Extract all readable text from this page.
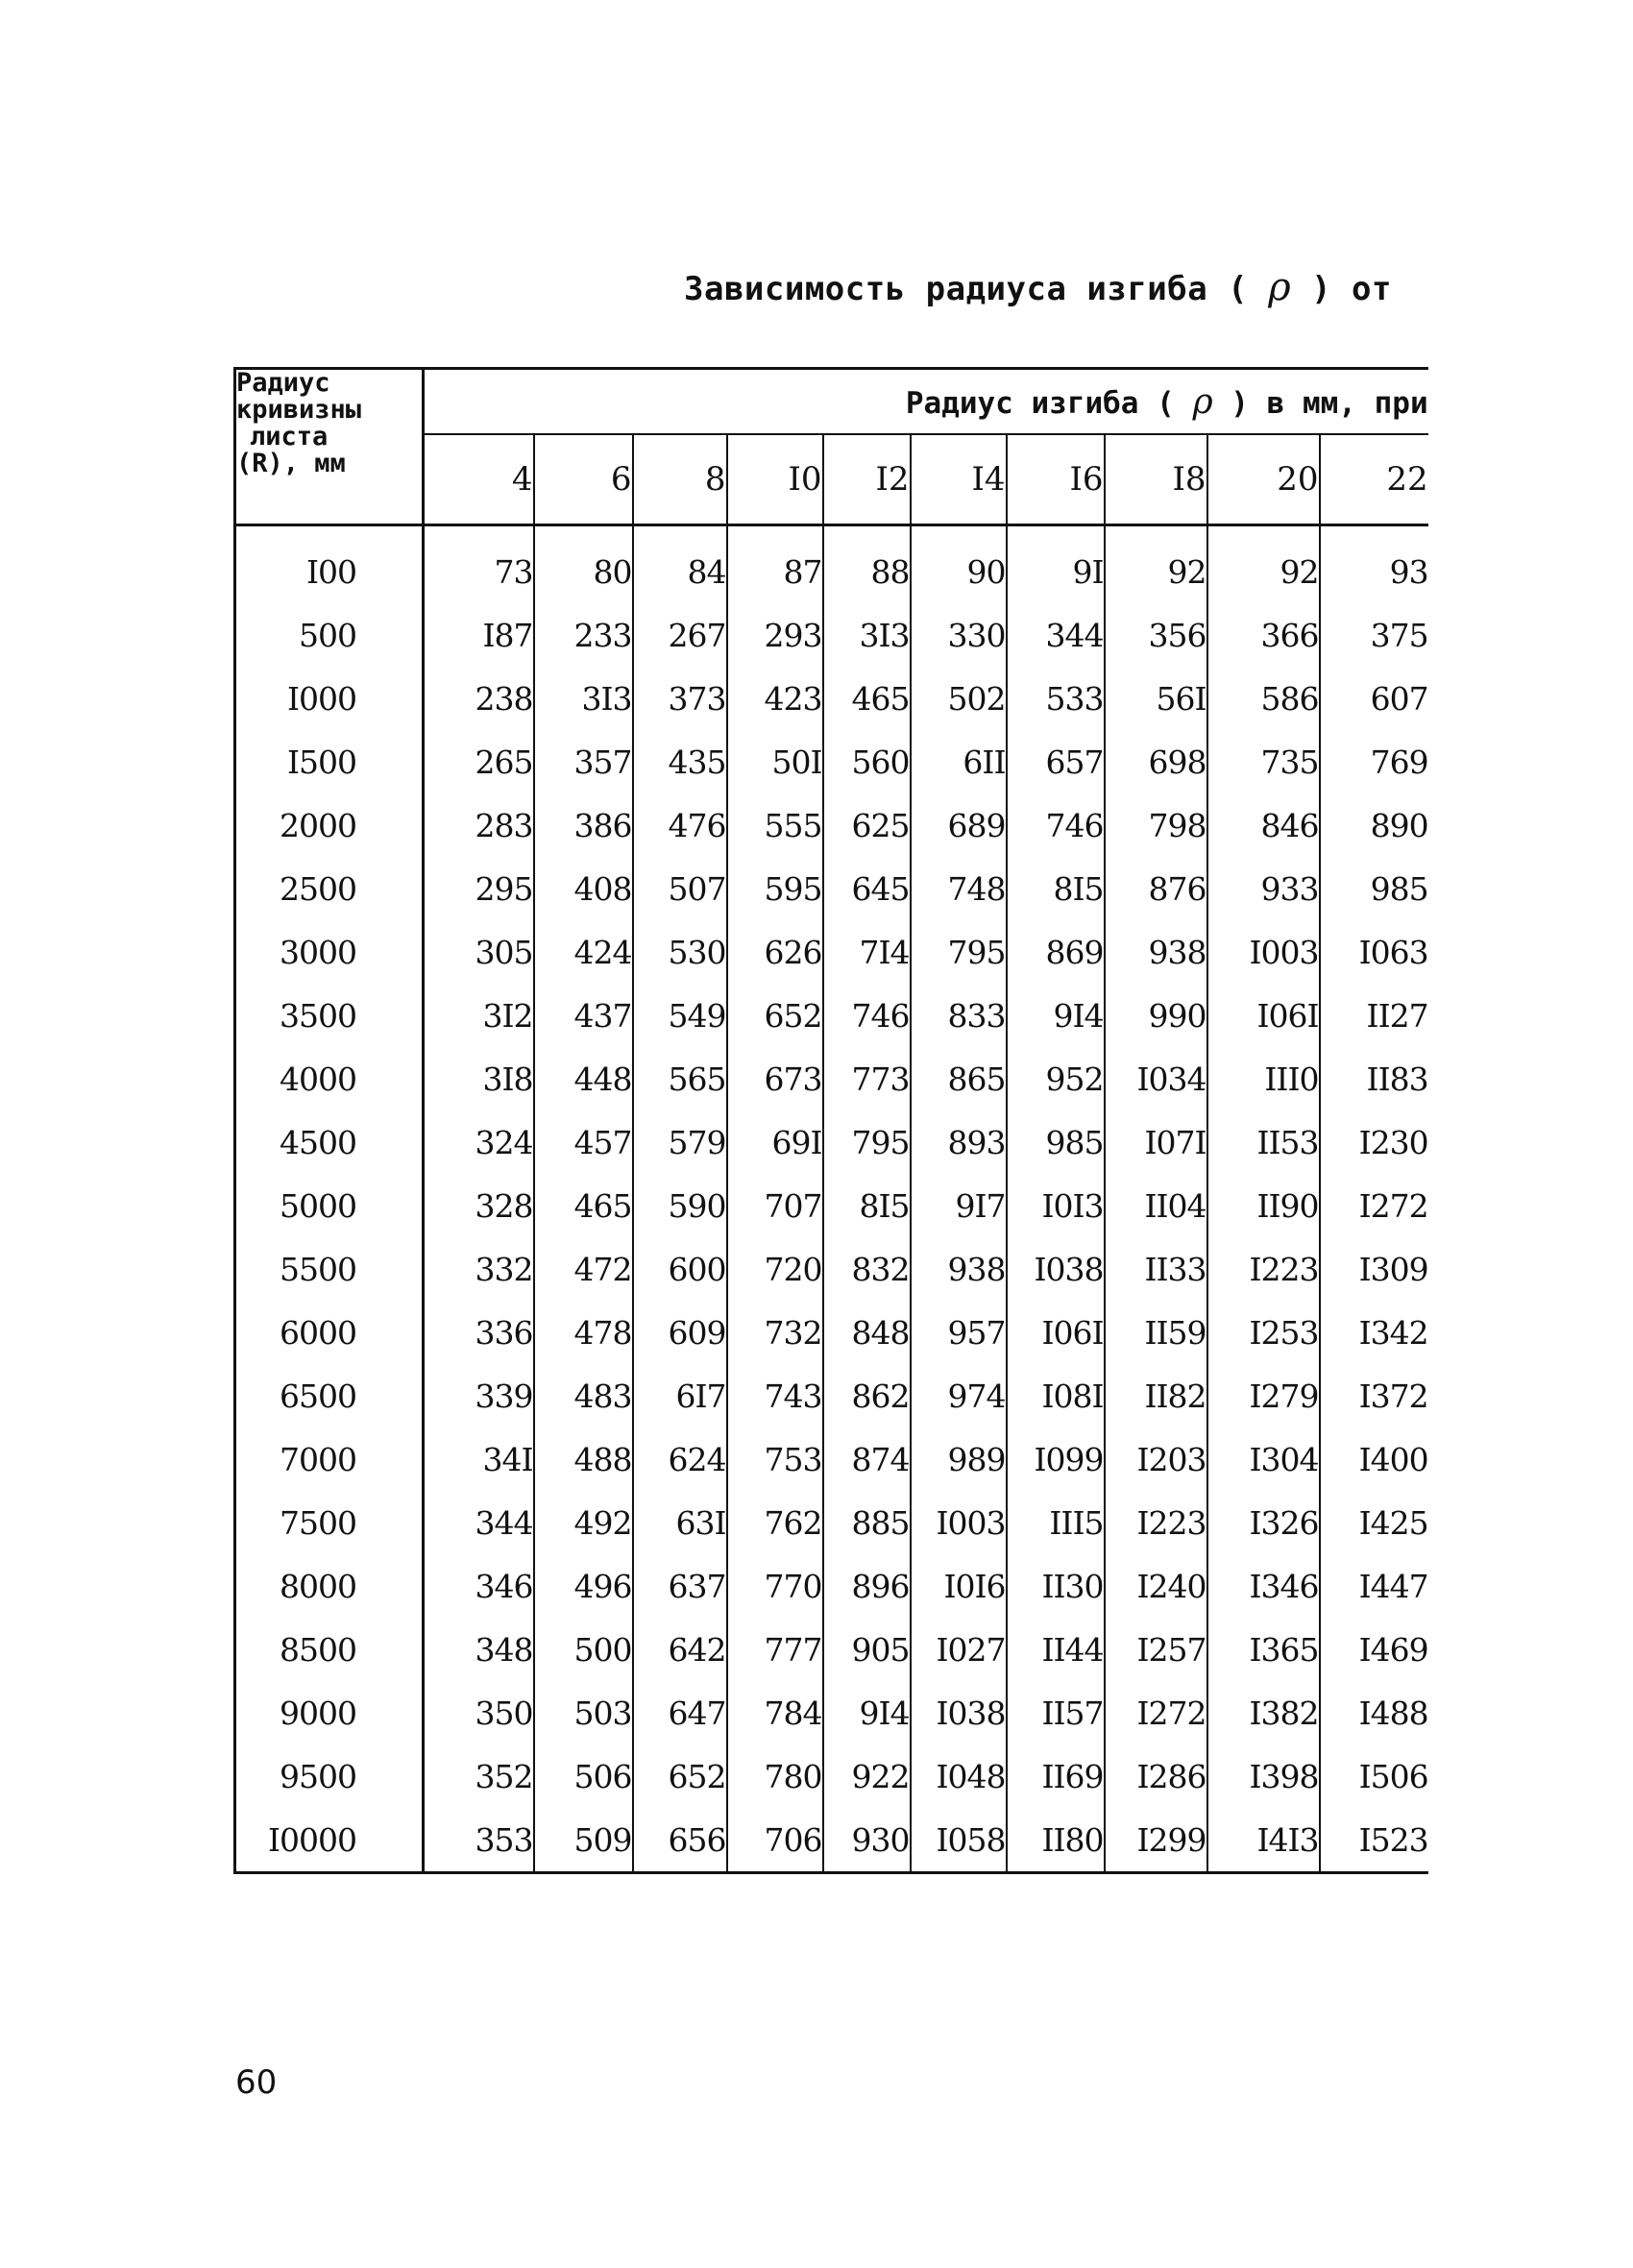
Зависимость радиуса изгиба ( ρ ) от
Радиус
кривизны
листа
(R), мм	Радиус изгиба ( ρ ) в мм, при									
	4	6	8	I0	I2	I4	I6	I8	20	22
I00	73	80	84	87	88	90	9I	92	92	93
500	I87	233	267	293	3I3	330	344	356	366	375
I000	238	3I3	373	423	465	502	533	56I	586	607
I500	265	357	435	50I	560	6II	657	698	735	769
2000	283	386	476	555	625	689	746	798	846	890
2500	295	408	507	595	645	748	8I5	876	933	985
3000	305	424	530	626	7I4	795	869	938	I003	I063
3500	3I2	437	549	652	746	833	9I4	990	I06I	II27
4000	3I8	448	565	673	773	865	952	I034	III0	II83
4500	324	457	579	69I	795	893	985	I07I	II53	I230
5000	328	465	590	707	8I5	9I7	I0I3	II04	II90	I272
5500	332	472	600	720	832	938	I038	II33	I223	I309
6000	336	478	609	732	848	957	I06I	II59	I253	I342
6500	339	483	6I7	743	862	974	I08I	II82	I279	I372
7000	34I	488	624	753	874	989	I099	I203	I304	I400
7500	344	492	63I	762	885	I003	III5	I223	I326	I425
8000	346	496	637	770	896	I0I6	II30	I240	I346	I447
8500	348	500	642	777	905	I027	II44	I257	I365	I469
9000	350	503	647	784	9I4	I038	II57	I272	I382	I488
9500	352	506	652	780	922	I048	II69	I286	I398	I506
I0000	353	509	656	706	930	I058	II80	I299	I4I3	I523
60
